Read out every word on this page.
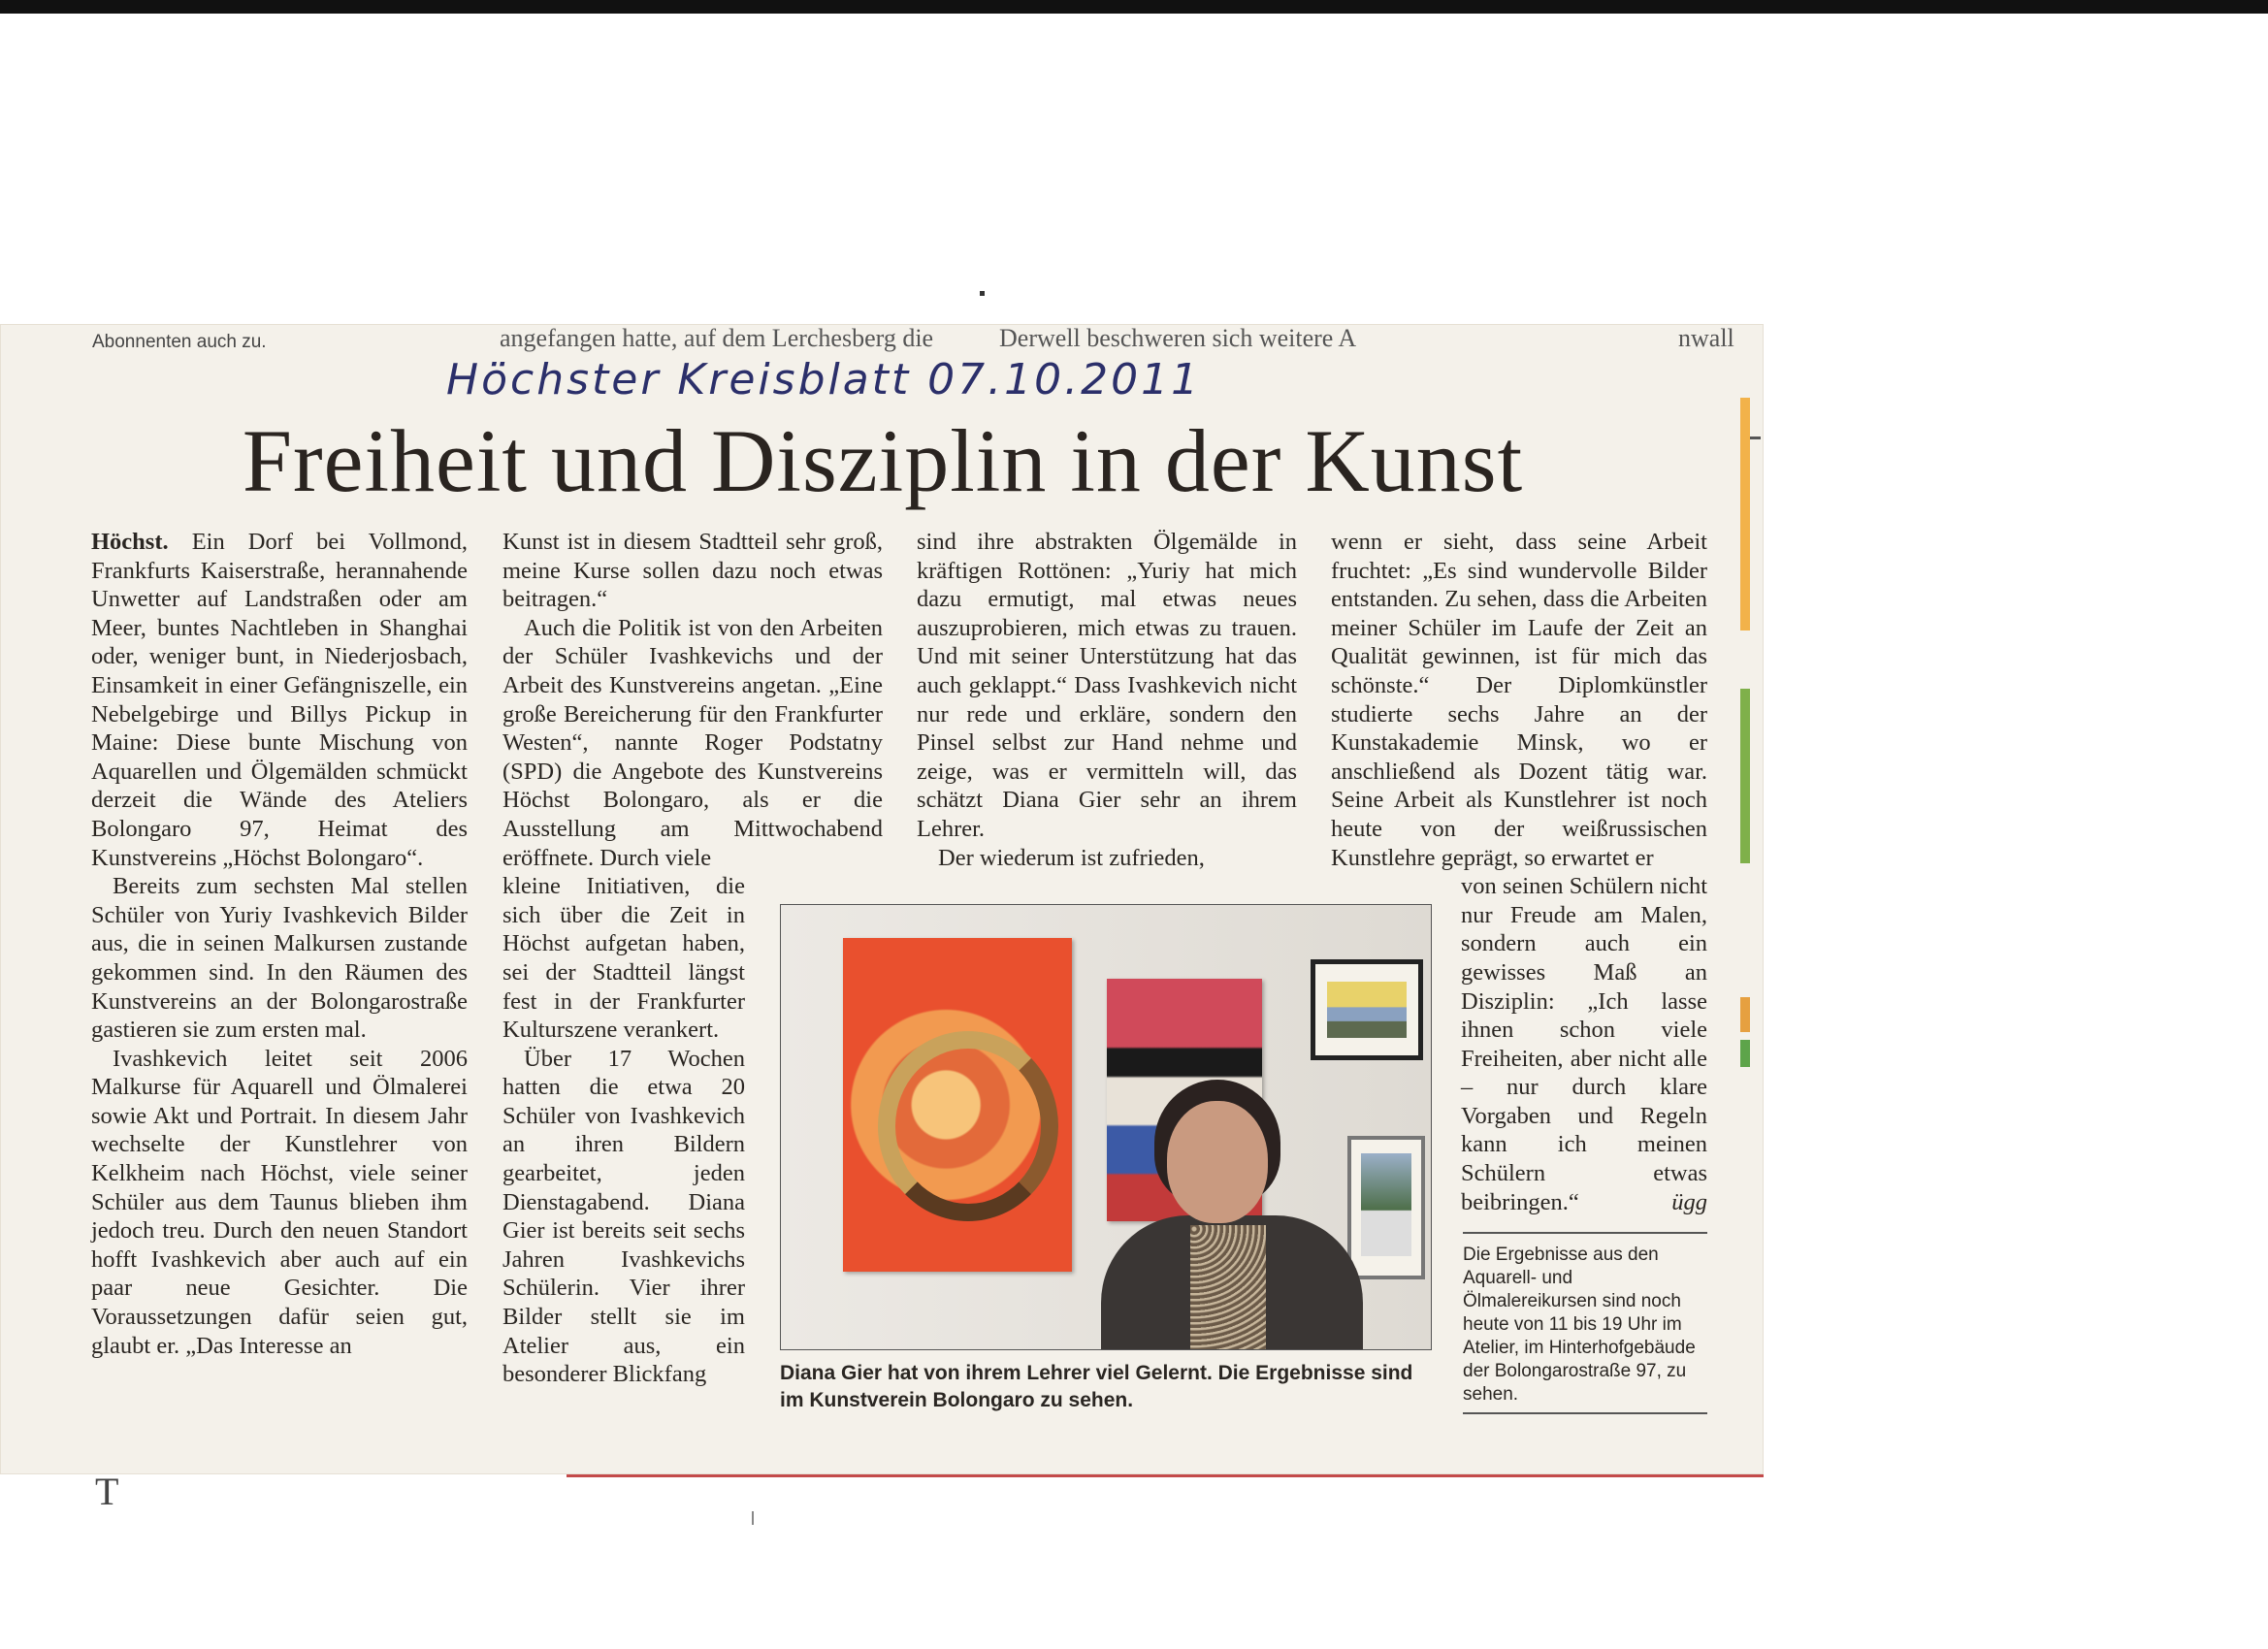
Abonnenten auch zu.	angefangen hatte, auf dem Lerchesberg die	Derwell beschweren sich weitere A	nwall
Höchster Kreisblatt 07.10.2011
Freiheit und Disziplin in der Kunst

Höchst. Ein Dorf bei Vollmond, Frankfurts Kaiserstraße, herannahende Unwetter auf Landstraßen oder am Meer, buntes Nachtleben in Shanghai oder, weniger bunt, in Niederjosbach, Einsamkeit in einer Gefängniszelle, ein Nebelgebirge und Billys Pickup in Maine: Diese bunte Mischung von Aquarellen und Ölgemälden schmückt derzeit die Wände des Ateliers Bolongaro 97, Heimat des Kunstvereins „Höchst Bolongaro“.

Bereits zum sechsten Mal stellen Schüler von Yuriy Ivashkevich Bilder aus, die in seinen Malkursen zustande gekommen sind. In den Räumen des Kunstvereins an der Bolongarostraße gastieren sie zum ersten mal.

Ivashkevich leitet seit 2006 Malkurse für Aquarell und Ölmalerei sowie Akt und Portrait. In diesem Jahr wechselte der Kunstlehrer von Kelkheim nach Höchst, viele seiner Schüler aus dem Taunus blieben ihm jedoch treu. Durch den neuen Standort hofft Ivashkevich aber auch auf ein paar neue Gesichter. Die Voraussetzungen dafür seien gut, glaubt er. „Das Interesse an

Kunst ist in diesem Stadtteil sehr groß, meine Kurse sollen dazu noch etwas beitragen.“

Auch die Politik ist von den Arbeiten der Schüler Ivashkevichs und der Arbeit des Kunstvereins angetan. „Eine große Bereicherung für den Frankfurter Westen“, nannte Roger Podstatny (SPD) die Angebote des Kunstvereins Höchst Bolongaro, als er die Ausstellung am Mittwochabend eröffnete. Durch viele

kleine Initiativen, die sich über die Zeit in Höchst aufgetan haben, sei der Stadtteil längst fest in der Frankfurter Kulturszene verankert.

Über 17 Wochen hatten die etwa 20 Schüler von Ivashkevich an ihren Bildern gearbeitet, jeden Dienstagabend. Diana Gier ist bereits seit sechs Jahren Ivashkevichs Schülerin. Vier ihrer Bilder stellt sie im Atelier aus, ein besonderer Blickfang

sind ihre abstrakten Ölgemälde in kräftigen Rottönen: „Yuriy hat mich dazu ermutigt, mal etwas neues auszuprobieren, mich etwas zu trauen. Und mit seiner Unterstützung hat das auch geklappt.“ Dass Ivashkevich nicht nur rede und erkläre, sondern den Pinsel selbst zur Hand nehme und zeige, was er vermitteln will, das schätzt Diana Gier sehr an ihrem Lehrer.

Der wiederum ist zufrieden,

wenn er sieht, dass seine Arbeit fruchtet: „Es sind wundervolle Bilder entstanden. Zu sehen, dass die Arbeiten meiner Schüler im Laufe der Zeit an Qualität gewinnen, ist für mich das schönste.“ Der Diplomkünstler studierte sechs Jahre an der Kunstakademie Minsk, wo er anschließend als Dozent tätig war. Seine Arbeit als Kunstlehrer ist noch heute von der weißrussischen Kunstlehre geprägt, so erwartet er

von seinen Schülern nicht nur Freude am Malen, sondern auch ein gewisses Maß an Disziplin: „Ich lasse ihnen schon viele Freiheiten, aber nicht alle – nur durch klare Vorgaben und Regeln kann ich meinen Schülern etwas beibringen.“	ügg

Diana Gier hat von ihrem Lehrer viel Gelernt. Die Ergebnisse sind im Kunstverein Bolongaro zu sehen.
Die Ergebnisse aus den Aquarell- und Ölmalereikursen sind noch heute von 11 bis 19 Uhr im Atelier, im Hinterhofgebäude der Bolongarostraße 97, zu sehen.
T
